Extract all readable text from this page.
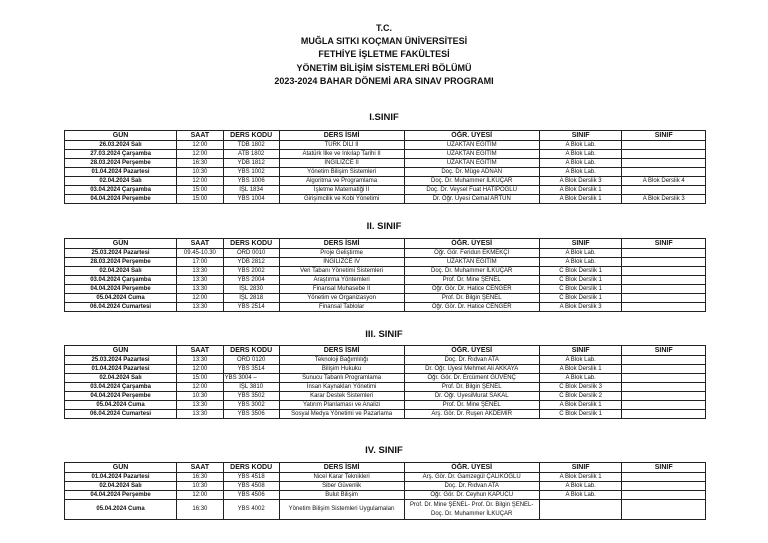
T.C.
MUĞLA SITKI KOÇMAN ÜNİVERSİTESİ
FETHİYE İŞLETME FAKÜLTESİ
YÖNETİM BİLİŞİM SİSTEMLERİ BÖLÜMÜ
2023-2024 BAHAR DÖNEMİ ARA SINAV PROGRAMI
I.SINIF
GÜN	SAAT	DERS KODU	DERS İSMİ	ÖĞR. ÜYESİ	SINIF	SINIF
26.03.2024 Salı	12:00	TDB 1802	TÜRK DİLİ II	UZAKTAN EĞİTİM	A Blok Lab.	
27.03.2024 Çarşamba	12:00	ATB 1802	Atatürk İlke ve İnkılap Tarihi II	UZAKTAN EĞİTİM	A Blok Lab.	
28.03.2024 Perşembe	16:30	YDB 1812	İNGİLİZCE II	UZAKTAN EĞİTİM	A Blok Lab.	
01.04.2024 Pazartesi	10:30	YBS 1002	Yönetim Bilişim Sistemleri	Doç. Dr. Müge ADNAN	A Blok Lab.	
02.04.2024 Salı	12:00	YBS 1006	Algoritma ve Programlama	Doç. Dr. Muhammer İLKUÇAR	A Blok Derslik 3	A Blok Derslik 4
03.04.2024 Çarşamba	15:00	İŞL 1834	İşletme Matematiği II	Doç. Dr. Veysel Fuat HATİPOĞLU	A Blok Derslik 1	
04.04.2024 Perşembe	15:00	YBS 1004	Girişimcilik ve Kobi Yönetimi	Dr. Öğr. Üyesi Cemal ARTUN	A Blok Derslik 1	A Blok Derslik 3
II. SINIF
GÜN	SAAT	DERS KODU	DERS İSMİ	ÖĞR. ÜYESİ	SINIF	SINIF
25.03.2024 Pazartesi	09.45-10.30	ORD 0010	Proje Geliştirme	Öğr. Gör. Feridun EKMEKÇİ	A Blok Lab.	
28.03.2024 Perşembe	17:00	YDB 2812	İNGİLİZCE IV	UZAKTAN EĞİTİM	A Blok Lab.	
02.04.2024 Salı	13:30	YBS 2002	Veri Tabanı Yönetimi Sistemleri	Doç. Dr. Muhammer İLKUÇAR	C Blok Derslik 1	
03.04.2024 Çarşamba	13:30	YBS 2004	Araştırma Yöntemleri	Prof. Dr. Mine ŞENEL	C Blok Derslik 1	
04.04.2024 Perşembe	13:30	İŞL 2830	Finansal Muhasebe II	Öğr. Gör. Dr. Hatice CENGER	C Blok Derslik 1	
05.04.2024 Cuma	12:00	İŞL 2818	Yönetim ve Organizasyon	Prof. Dr. Bilgin ŞENEL	C Blok Derslik 1	
06.04.2024 Cumartesi	13:30	YBS 2514	Finansal Tablolar	Öğr. Gör. Dr. Hatice CENGER	A Blok Derslik 3	
III. SINIF
GÜN	SAAT	DERS KODU	DERS İSMİ	ÖĞR. ÜYESİ	SINIF	SINIF
25.03.2024 Pazartesi	13:30	ORD 0120	Teknoloji Bağımlılığı	Doç. Dr. Rıdvan ATA	A Blok Lab.	
01.04.2024 Pazartesi	12:00	YBS 3514	Bilişim Hukuku	Dr. Öğr. Üyesi Mehmet Ali AKKAYA	A Blok Derslik 1	
02.04.2024 Salı	15:00	YBS 3004 –	Sunucu Tabanlı Programlama	Öğr. Gör. Dr. Ercüment GÜVENÇ	A Blok Lab.	
03.04.2024 Çarşamba	12:00	İŞL 3810	İnsan Kaynakları Yönetimi	Prof. Dr. Bilgin ŞENEL	C Blok Derslik 3	
04.04.2024 Perşembe	10:30	YBS 3502	Karar Destek Sistemleri	Dr. Öğr. ÜyesiMurat SAKAL	C Blok Derslik 2	
05.04.2024 Cuma	13:30	YBS 3002	Yatırım Planlaması ve Analizi	Prof. Dr. Mine ŞENEL	A Blok Derslik 1	
06.04.2024 Cumartesi	13:30	YBS 3506	Sosyal Medya Yönetimi ve Pazarlama	Arş. Gör. Dr. Ruşen AKDEMİR	C Blok Derslik 1	
IV. SINIF
GÜN	SAAT	DERS KODU	DERS İSMİ	ÖĞR. ÜYESİ	SINIF	SINIF
01.04.2024 Pazartesi	16:30	YBS 4518	Nicel Karar Teknikleri	Arş. Gör. Dr. Gamzegül ÇALIKOĞLU	A Blok Derslik 1	
02.04.2024 Salı	10:30	YBS 4508	Siber Güvenlik	Doç. Dr. Rıdvan ATA	A Blok Lab.	
04.04.2024 Perşembe	12:00	YBS 4506	Bulut Bilişim	Öğr. Gör. Dr. Ceyhun KAPUCU	A Blok Lab.	
05.04.2024 Cuma	16:30	YBS 4002	Yönetim Bilişim Sistemleri Uygulamaları	Prof. Dr. Mine ŞENEL- Prof. Dr. Bilgin ŞENEL- Doç. Dr. Muhammer İLKUÇAR		
